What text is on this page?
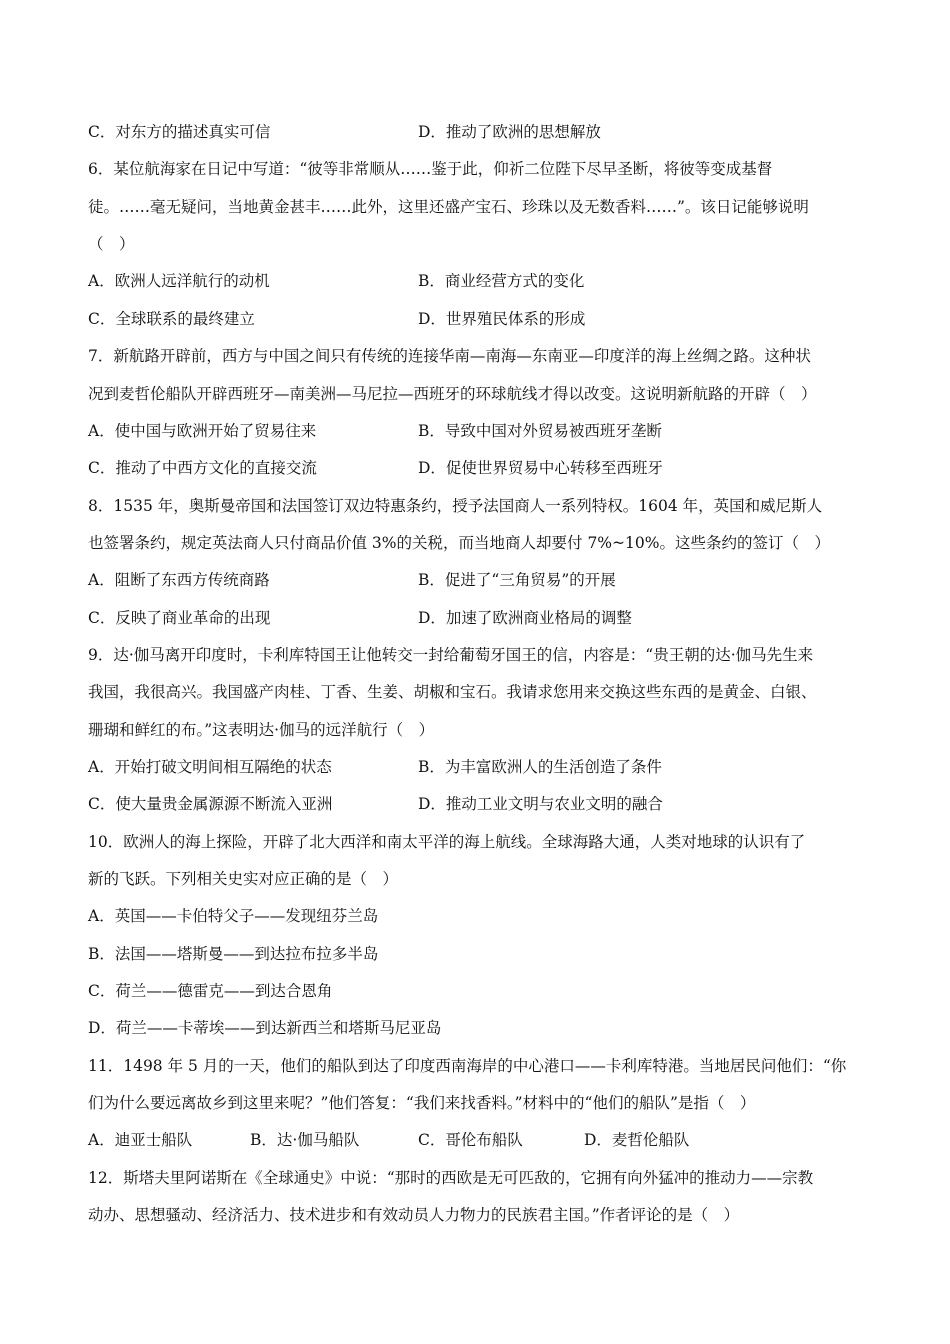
C．对东方的描述真实可信	D．推动了欧洲的思想解放
6．某位航海家在日记中写道：“彼等非常顺从……鉴于此，仰祈二位陛下尽早圣断，将彼等变成基督
徒。……毫无疑问，当地黄金甚丰……此外，这里还盛产宝石、珍珠以及无数香料……”。该日记能够说明
（　）
A．欧洲人远洋航行的动机	B．商业经营方式的变化
C．全球联系的最终建立	D．世界殖民体系的形成
7．新航路开辟前，西方与中国之间只有传统的连接华南—南海—东南亚—印度洋的海上丝绸之路。这种状
况到麦哲伦船队开辟西班牙—南美洲—马尼拉—西班牙的环球航线才得以改变。这说明新航路的开辟（　）
A．使中国与欧洲开始了贸易往来	B．导致中国对外贸易被西班牙垄断
C．推动了中西方文化的直接交流	D．促使世界贸易中心转移至西班牙
8．1535 年，奥斯曼帝国和法国签订双边特惠条约，授予法国商人一系列特权。1604 年，英国和威尼斯人
也签署条约，规定英法商人只付商品价值 3%的关税，而当地商人却要付 7%~10%。这些条约的签订（　）
A．阻断了东西方传统商路	B．促进了“三角贸易”的开展
C．反映了商业革命的出现	D．加速了欧洲商业格局的调整
9．达·伽马离开印度时，卡利库特国王让他转交一封给葡萄牙国王的信，内容是：“贵王朝的达·伽马先生来
我国，我很高兴。我国盛产肉桂、丁香、生姜、胡椒和宝石。我请求您用来交换这些东西的是黄金、白银、
珊瑚和鲜红的布。”这表明达·伽马的远洋航行（　）
A．开始打破文明间相互隔绝的状态	B．为丰富欧洲人的生活创造了条件
C．使大量贵金属源源不断流入亚洲	D．推动工业文明与农业文明的融合
10．欧洲人的海上探险，开辟了北大西洋和南太平洋的海上航线。全球海路大通，人类对地球的认识有了
新的飞跃。下列相关史实对应正确的是（　）
A．英国——卡伯特父子——发现纽芬兰岛
B．法国——塔斯曼——到达拉布拉多半岛
C．荷兰——德雷克——到达合恩角
D．荷兰——卡蒂埃——到达新西兰和塔斯马尼亚岛
11．1498 年 5 月的一天，他们的船队到达了印度西南海岸的中心港口——卡利库特港。当地居民问他们：“你
们为什么要远离故乡到这里来呢？”他们答复：“我们来找香料。”材料中的“他们的船队”是指（　）
A．迪亚士船队	B．达·伽马船队	C．哥伦布船队	D．麦哲伦船队
12．斯塔夫里阿诺斯在《全球通史》中说：“那时的西欧是无可匹敌的，它拥有向外猛冲的推动力——宗教
动办、思想骚动、经济活力、技术进步和有效动员人力物力的民族君主国。”作者评论的是（　）
